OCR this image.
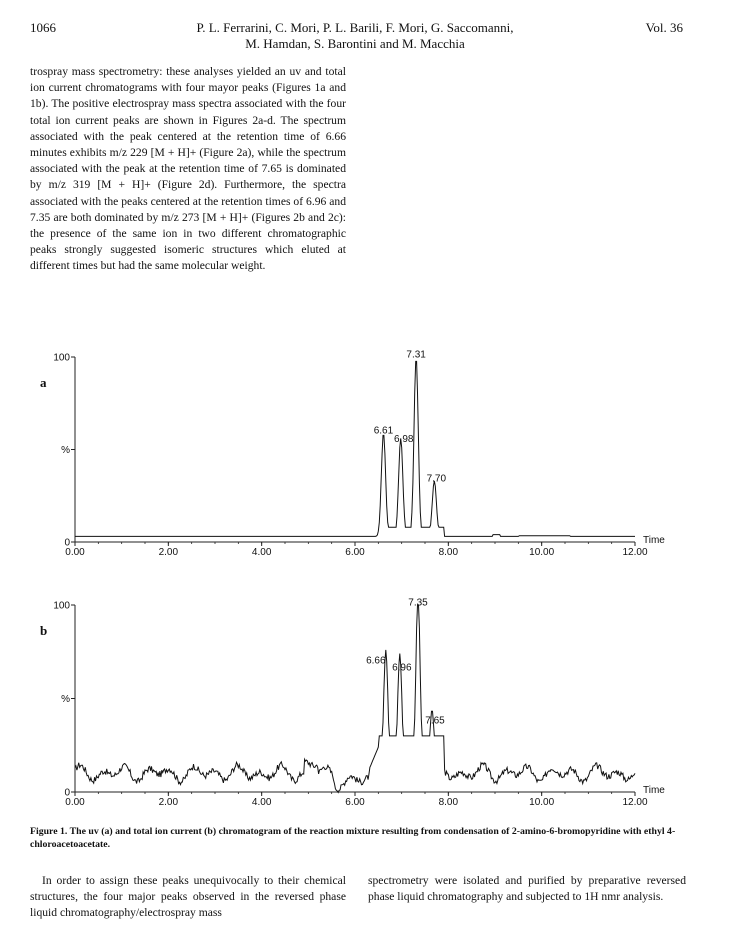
1066	P. L. Ferrarini, C. Mori, P. L. Barili, F. Mori, G. Saccomanni,
M. Hamdan, S. Barontini and M. Macchia
Vol. 36

trospray mass spectrometry: these analyses yielded an uv and total ion current chromatograms with four mayor peaks (Figures 1a and 1b). The positive electrospray mass spectra associated with the four total ion current peaks are shown in Figures 2a-d. The spectrum associated with the peak centered at the retention time of 6.66 minutes exhibits m/z 229 [M + H]+ (Figure 2a), while the spectrum associated with the peak at the retention time of 7.65 is dominated by m/z 319 [M + H]+ (Figure 2d). Furthermore, the spectra associated with the peaks centered at the retention times of 6.96 and 7.35 are both dominated by m/z 273 [M + H]+ (Figures 2b and 2c): the presence of the same ion in two different chromatographic peaks strongly suggested isomeric structures which eluted at different times but had the same molecular weight.

a
0
%
100
0.00	2.00	4.00	6.00	8.00	10.00	12.00
Time
6.61
6.98
7.31
7.70
b
0
%
100
0.00	2.00	4.00	6.00	8.00	10.00	12.00
Time
6.66
6.96
7.35
7.65
Figure 1. The uv (a) and total ion current (b) chromatogram of the reaction mixture resulting from condensation of 2-amino-6-bromopyridine with ethyl 4-chloroacetoacetate.
In order to assign these peaks unequivocally to their chemical structures, the four major peaks observed in the reversed phase liquid chromatography/electrospray mass
spectrometry were isolated and purified by preparative reversed phase liquid chromatography and subjected to 1H nmr analysis.
